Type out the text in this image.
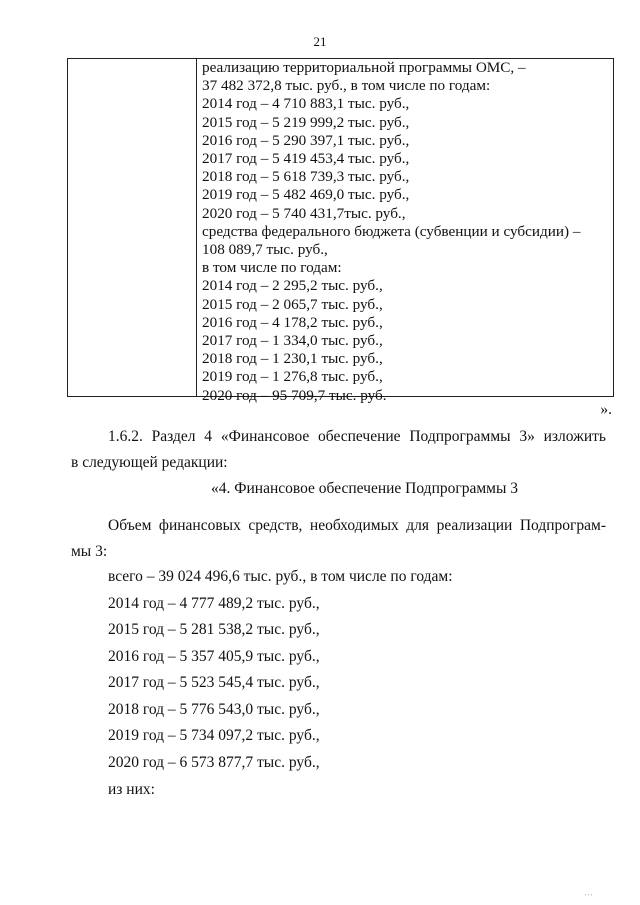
21
реализацию территориальной программы ОМС, –
37 482 372,8 тыс. руб., в том числе по годам:
2014 год – 4 710 883,1 тыс. руб.,
2015 год – 5 219 999,2 тыс. руб.,
2016 год – 5 290 397,1 тыс. руб.,
2017 год – 5 419 453,4 тыс. руб.,
2018 год – 5 618 739,3 тыс. руб.,
2019 год – 5 482 469,0 тыс. руб.,
2020 год – 5 740 431,7тыс. руб.,
средства федерального бюджета (субвенции и субсидии) –
108 089,7 тыс. руб.,
в том числе по годам:
2014 год – 2 295,2 тыс. руб.,
2015 год – 2 065,7 тыс. руб.,
2016 год – 4 178,2 тыс. руб.,
2017 год – 1 334,0 тыс. руб.,
2018 год – 1 230,1 тыс. руб.,
2019 год – 1 276,8 тыс. руб.,
2020 год – 95 709,7 тыс. руб.
».
1.6.2. Раздел 4 «Финансовое обеспечение Подпрограммы 3» изложить
в следующей редакции:
«4. Финансовое обеспечение Подпрограммы 3
Объем финансовых средств, необходимых для реализации Подпрограм-
мы 3:
всего – 39 024 496,6 тыс. руб., в том числе по годам:
2014 год – 4 777 489,2 тыс. руб.,
2015 год – 5 281 538,2 тыс. руб.,
2016 год – 5 357 405,9 тыс. руб.,
2017 год – 5 523 545,4 тыс. руб.,
2018 год – 5 776 543,0 тыс. руб.,
2019 год – 5 734 097,2 тыс. руб.,
2020 год – 6 573 877,7 тыс. руб.,
из них:
' ' '
